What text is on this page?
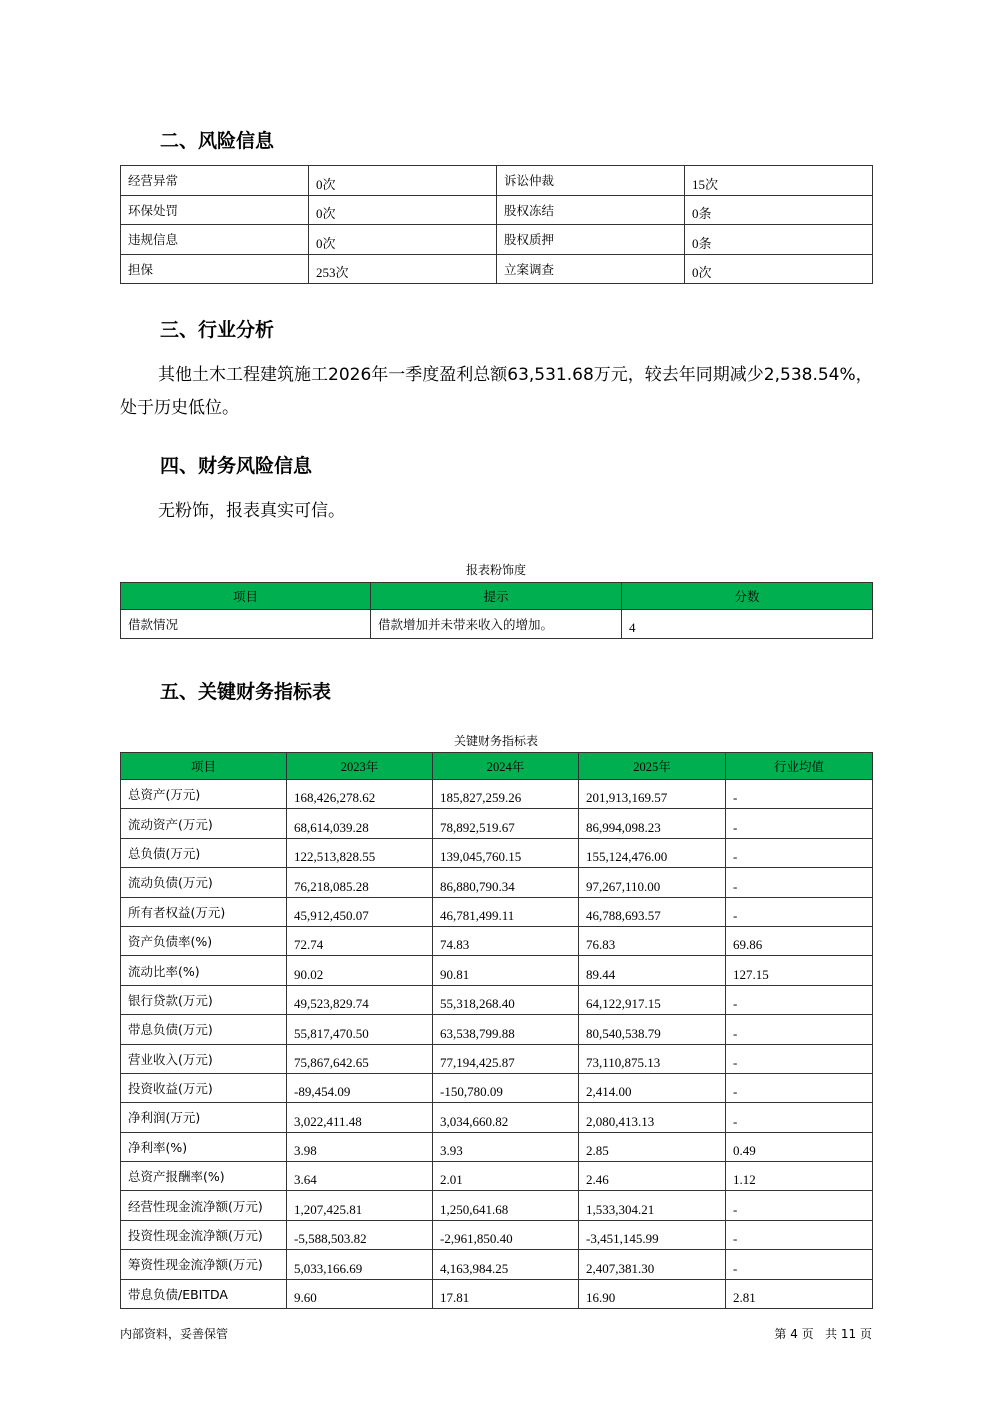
二、风险信息
经营异常	0次	诉讼仲裁	15次
环保处罚	0次	股权冻结	0条
违规信息	0次	股权质押	0条
担保	253次	立案调查	0次
三、行业分析

其他土木工程建筑施工2026年一季度盈利总额63,531.68万元，较去年同期减少2,538.54%，处于历史低位。

四、财务风险信息

无粉饰，报表真实可信。

报表粉饰度
项目	提示	分数
借款情况	借款增加并未带来收入的增加。	4
五、关键财务指标表
关键财务指标表
项目	2023年	2024年	2025年	行业均值
总资产(万元)	168,426,278.62	185,827,259.26	201,913,169.57	-
流动资产(万元)	68,614,039.28	78,892,519.67	86,994,098.23	-
总负债(万元)	122,513,828.55	139,045,760.15	155,124,476.00	-
流动负债(万元)	76,218,085.28	86,880,790.34	97,267,110.00	-
所有者权益(万元)	45,912,450.07	46,781,499.11	46,788,693.57	-
资产负债率(%)	72.74	74.83	76.83	69.86
流动比率(%)	90.02	90.81	89.44	127.15
银行贷款(万元)	49,523,829.74	55,318,268.40	64,122,917.15	-
带息负债(万元)	55,817,470.50	63,538,799.88	80,540,538.79	-
营业收入(万元)	75,867,642.65	77,194,425.87	73,110,875.13	-
投资收益(万元)	-89,454.09	-150,780.09	2,414.00	-
净利润(万元)	3,022,411.48	3,034,660.82	2,080,413.13	-
净利率(%)	3.98	3.93	2.85	0.49
总资产报酬率(%)	3.64	2.01	2.46	1.12
经营性现金流净额(万元)	1,207,425.81	1,250,641.68	1,533,304.21	-
投资性现金流净额(万元)	-5,588,503.82	-2,961,850.40	-3,451,145.99	-
筹资性现金流净额(万元)	5,033,166.69	4,163,984.25	2,407,381.30	-
带息负债/EBITDA	9.60	17.81	16.90	2.81
内部资料，妥善保管	第 4 页   共 11 页
